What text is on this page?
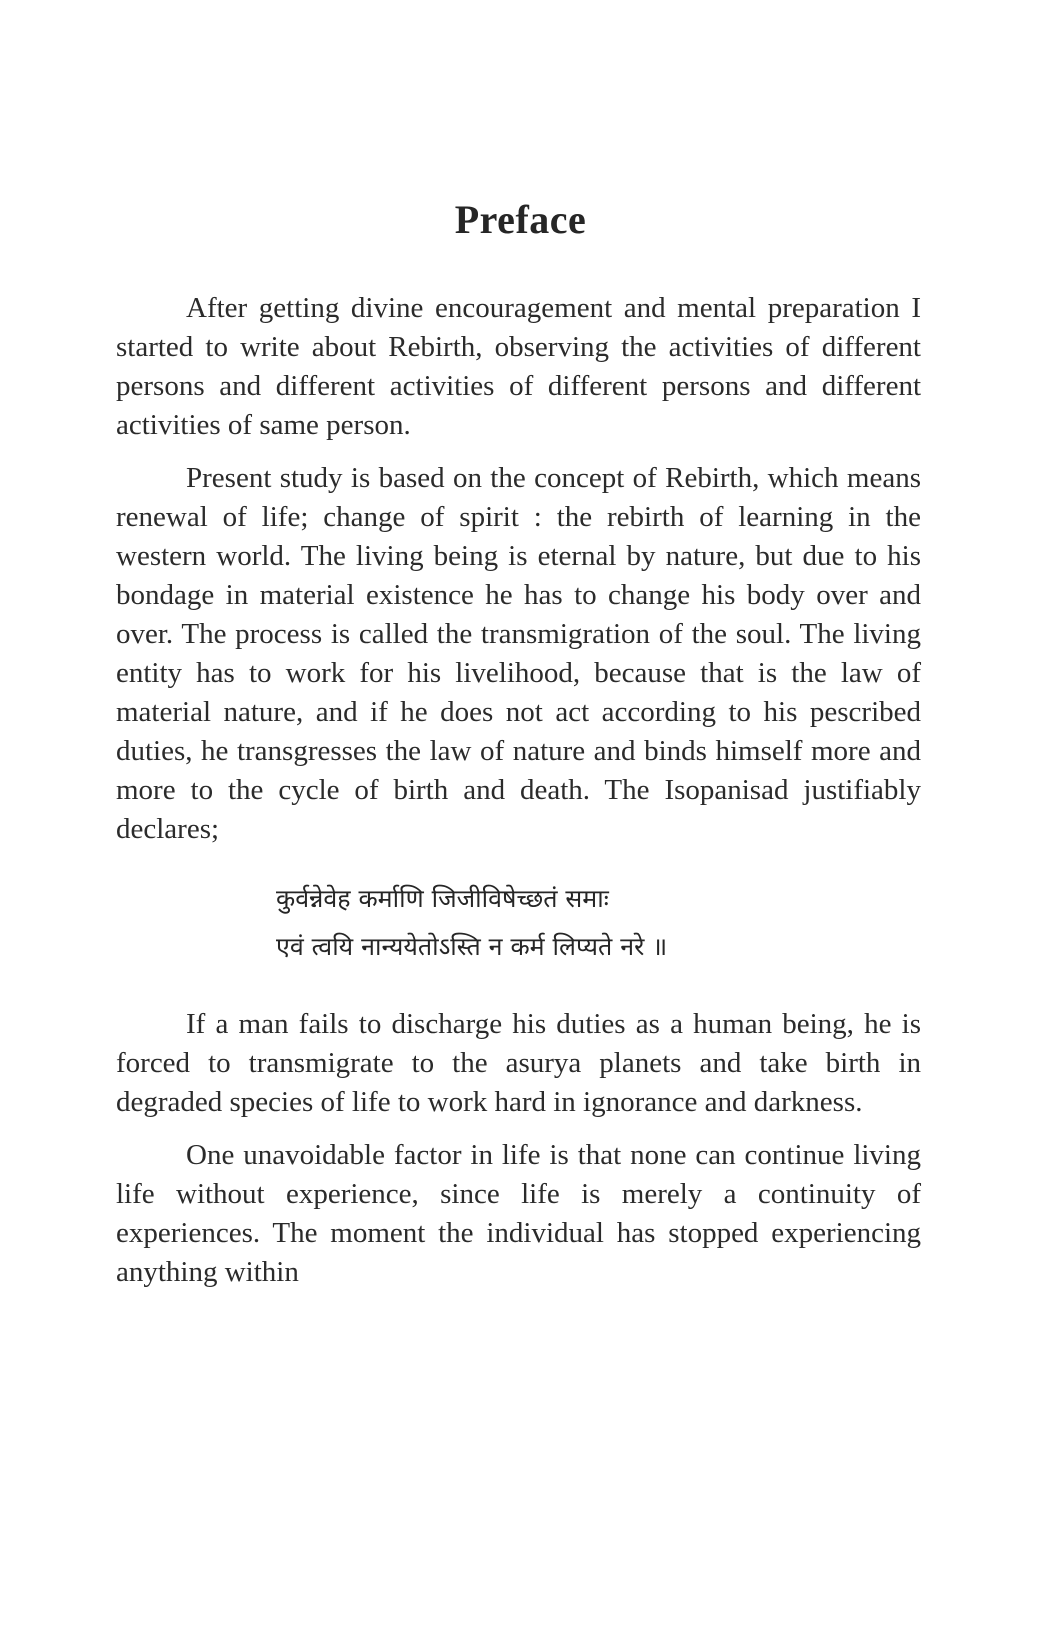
Preface

After getting divine encouragement and mental preparation I started to write about Rebirth, observing the activities of different persons and different activities of different persons and different activities of same person.

Present study is based on the concept of Rebirth, which means renewal of life; change of spirit : the rebirth of learning in the western world. The living being is eternal by nature, but due to his bondage in material existence he has to change his body over and over. The process is called the transmigration of the soul. The living entity has to work for his livelihood, because that is the law of material nature, and if he does not act according to his pescribed duties, he transgresses the law of nature and binds himself more and more to the cycle of birth and death. The Isopanisad justifiably declares;

कुर्वन्नेवेह कर्माणि जिजीविषेच्छतं समाः
एवं त्वयि नान्ययेतोऽस्ति न कर्म लिप्यते नरे ॥

If a man fails to discharge his duties as a human being, he is forced to transmigrate to the asurya planets and take birth in degraded species of life to work hard in ignorance and darkness.

One unavoidable factor in life is that none can continue living life without experience, since life is merely a continuity of experiences. The moment the individual has stopped experiencing anything within
